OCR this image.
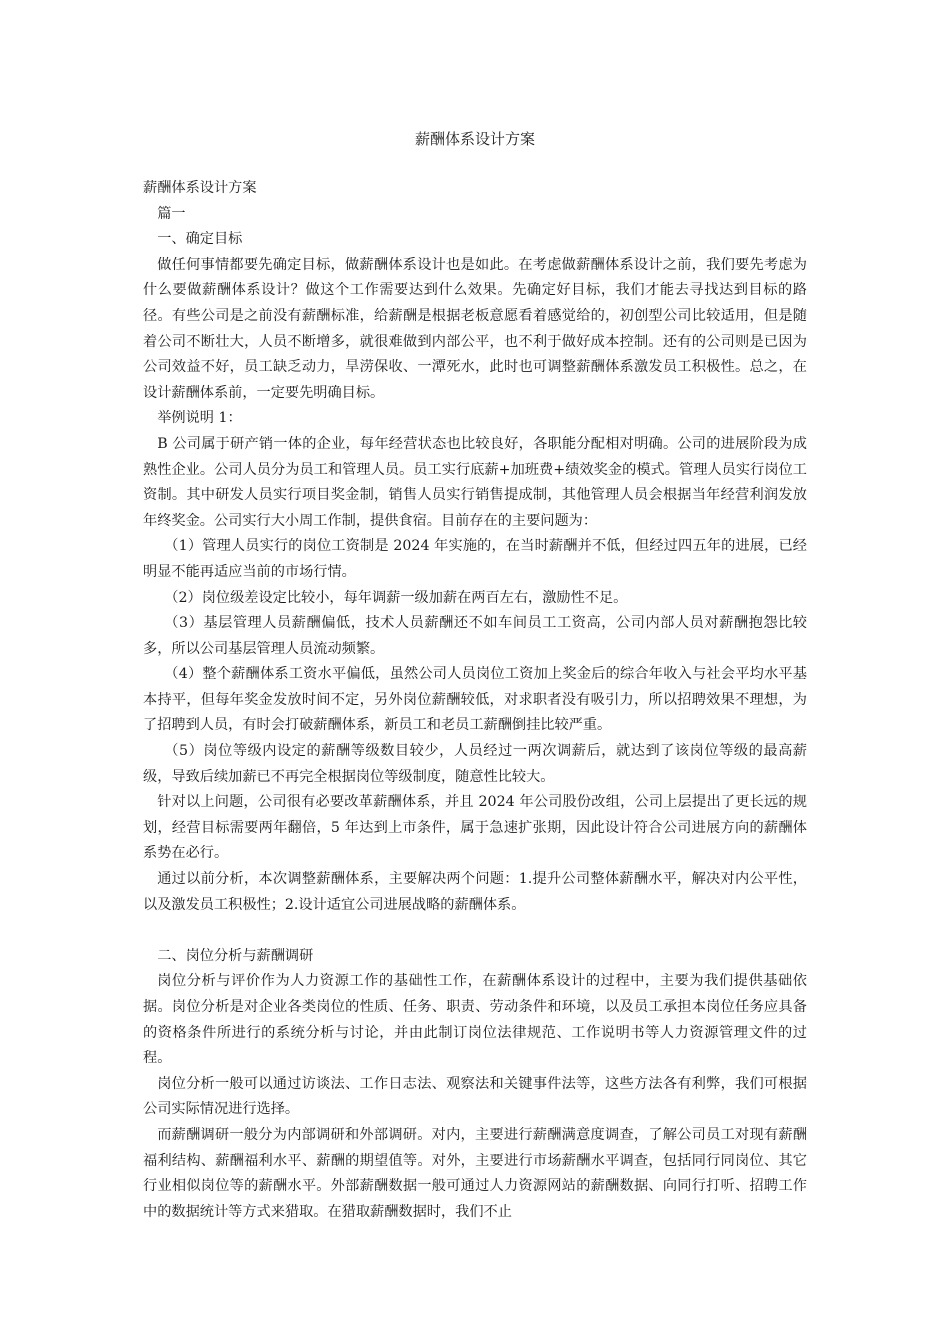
薪酬体系设计方案

薪酬体系设计方案

篇一

一、确定目标

做任何事情都要先确定目标，做薪酬体系设计也是如此。在考虑做薪酬体系设计之前，我们要先考虑为什么要做薪酬体系设计？做这个工作需要达到什么效果。先确定好目标，我们才能去寻找达到目标的路径。有些公司是之前没有薪酬标准，给薪酬是根据老板意愿看着感觉给的，初创型公司比较适用，但是随着公司不断壮大，人员不断增多，就很难做到内部公平，也不利于做好成本控制。还有的公司则是已因为公司效益不好，员工缺乏动力，旱涝保收、一潭死水，此时也可调整薪酬体系激发员工积极性。总之，在设计薪酬体系前，一定要先明确目标。

举例说明 1：

B 公司属于研产销一体的企业，每年经营状态也比较良好，各职能分配相对明确。公司的进展阶段为成熟性企业。公司人员分为员工和管理人员。员工实行底薪+加班费+绩效奖金的模式。管理人员实行岗位工资制。其中研发人员实行项目奖金制，销售人员实行销售提成制，其他管理人员会根据当年经营利润发放年终奖金。公司实行大小周工作制，提供食宿。目前存在的主要问题为：

（1）管理人员实行的岗位工资制是 2024 年实施的，在当时薪酬并不低，但经过四五年的进展，已经明显不能再适应当前的市场行情。

（2）岗位级差设定比较小，每年调薪一级加薪在两百左右，激励性不足。

（3）基层管理人员薪酬偏低，技术人员薪酬还不如车间员工工资高，公司内部人员对薪酬抱怨比较多，所以公司基层管理人员流动频繁。

（4）整个薪酬体系工资水平偏低，虽然公司人员岗位工资加上奖金后的综合年收入与社会平均水平基本持平，但每年奖金发放时间不定，另外岗位薪酬较低，对求职者没有吸引力，所以招聘效果不理想，为了招聘到人员，有时会打破薪酬体系，新员工和老员工薪酬倒挂比较严重。

（5）岗位等级内设定的薪酬等级数目较少，人员经过一两次调薪后，就达到了该岗位等级的最高薪级，导致后续加薪已不再完全根据岗位等级制度，随意性比较大。

针对以上问题，公司很有必要改革薪酬体系，并且 2024 年公司股份改组，公司上层提出了更长远的规划，经营目标需要两年翻倍，5 年达到上市条件，属于急速扩张期，因此设计符合公司进展方向的薪酬体系势在必行。

通过以前分析，本次调整薪酬体系，主要解决两个问题：1.提升公司整体薪酬水平，解决对内公平性，以及激发员工积极性；2.设计适宜公司进展战略的薪酬体系。

二、岗位分析与薪酬调研

岗位分析与评价作为人力资源工作的基础性工作，在薪酬体系设计的过程中，主要为我们提供基础依据。岗位分析是对企业各类岗位的性质、任务、职责、劳动条件和环境，以及员工承担本岗位任务应具备的资格条件所进行的系统分析与讨论，并由此制订岗位法律规范、工作说明书等人力资源管理文件的过程。

岗位分析一般可以通过访谈法、工作日志法、观察法和关键事件法等，这些方法各有利弊，我们可根据公司实际情况进行选择。

而薪酬调研一般分为内部调研和外部调研。对内，主要进行薪酬满意度调查，了解公司员工对现有薪酬福利结构、薪酬福利水平、薪酬的期望值等。对外，主要进行市场薪酬水平调查，包括同行同岗位、其它行业相似岗位等的薪酬水平。外部薪酬数据一般可通过人力资源网站的薪酬数据、向同行打听、招聘工作中的数据统计等方式来猎取。在猎取薪酬数据时，我们不止
